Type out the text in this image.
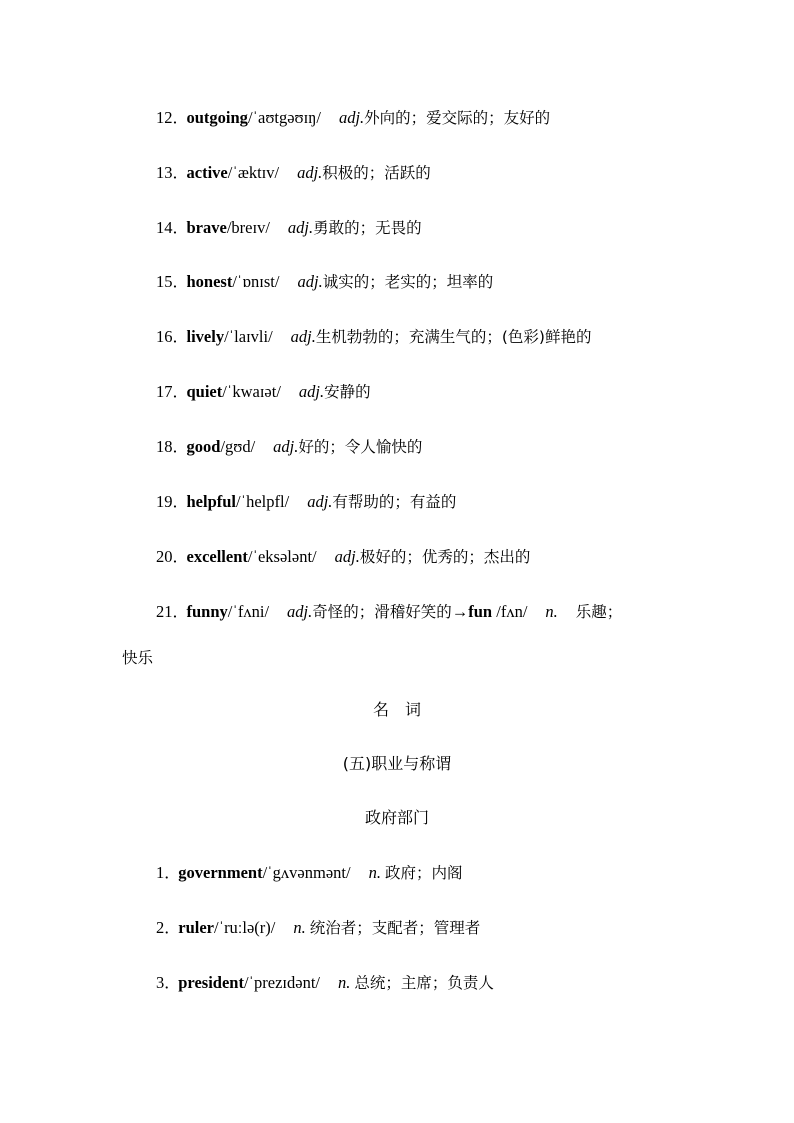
12．outgoing/ˈaʊtgəʊɪŋ/ adj.外向的；爱交际的；友好的
13．active/ˈæktɪv/ adj.积极的；活跃的
14．brave/breɪv/ adj.勇敢的；无畏的
15．honest/ˈɒnɪst/ adj.诚实的；老实的；坦率的
16．lively/ˈlaɪvli/ adj.生机勃勃的；充满生气的；(色彩)鲜艳的
17．quiet/ˈkwaɪət/ adj.安静的
18．good/gʊd/ adj.好的；令人愉快的
19．helpful/ˈhelpfl/ adj.有帮助的；有益的
20．excellent/ˈeksələnt/ adj.极好的；优秀的；杰出的
21．funny/ˈfʌni/ adj.奇怪的；滑稽好笑的→fun /fʌn/ n. 乐趣；
快乐
名　词
(五)职业与称谓
政府部门
1．government/ˈgʌvənmənt/ n. 政府；内阁
2．ruler/ˈruːlə(r)/ n. 统治者；支配者；管理者
3．president/ˈprezɪdənt/ n. 总统；主席；负责人
